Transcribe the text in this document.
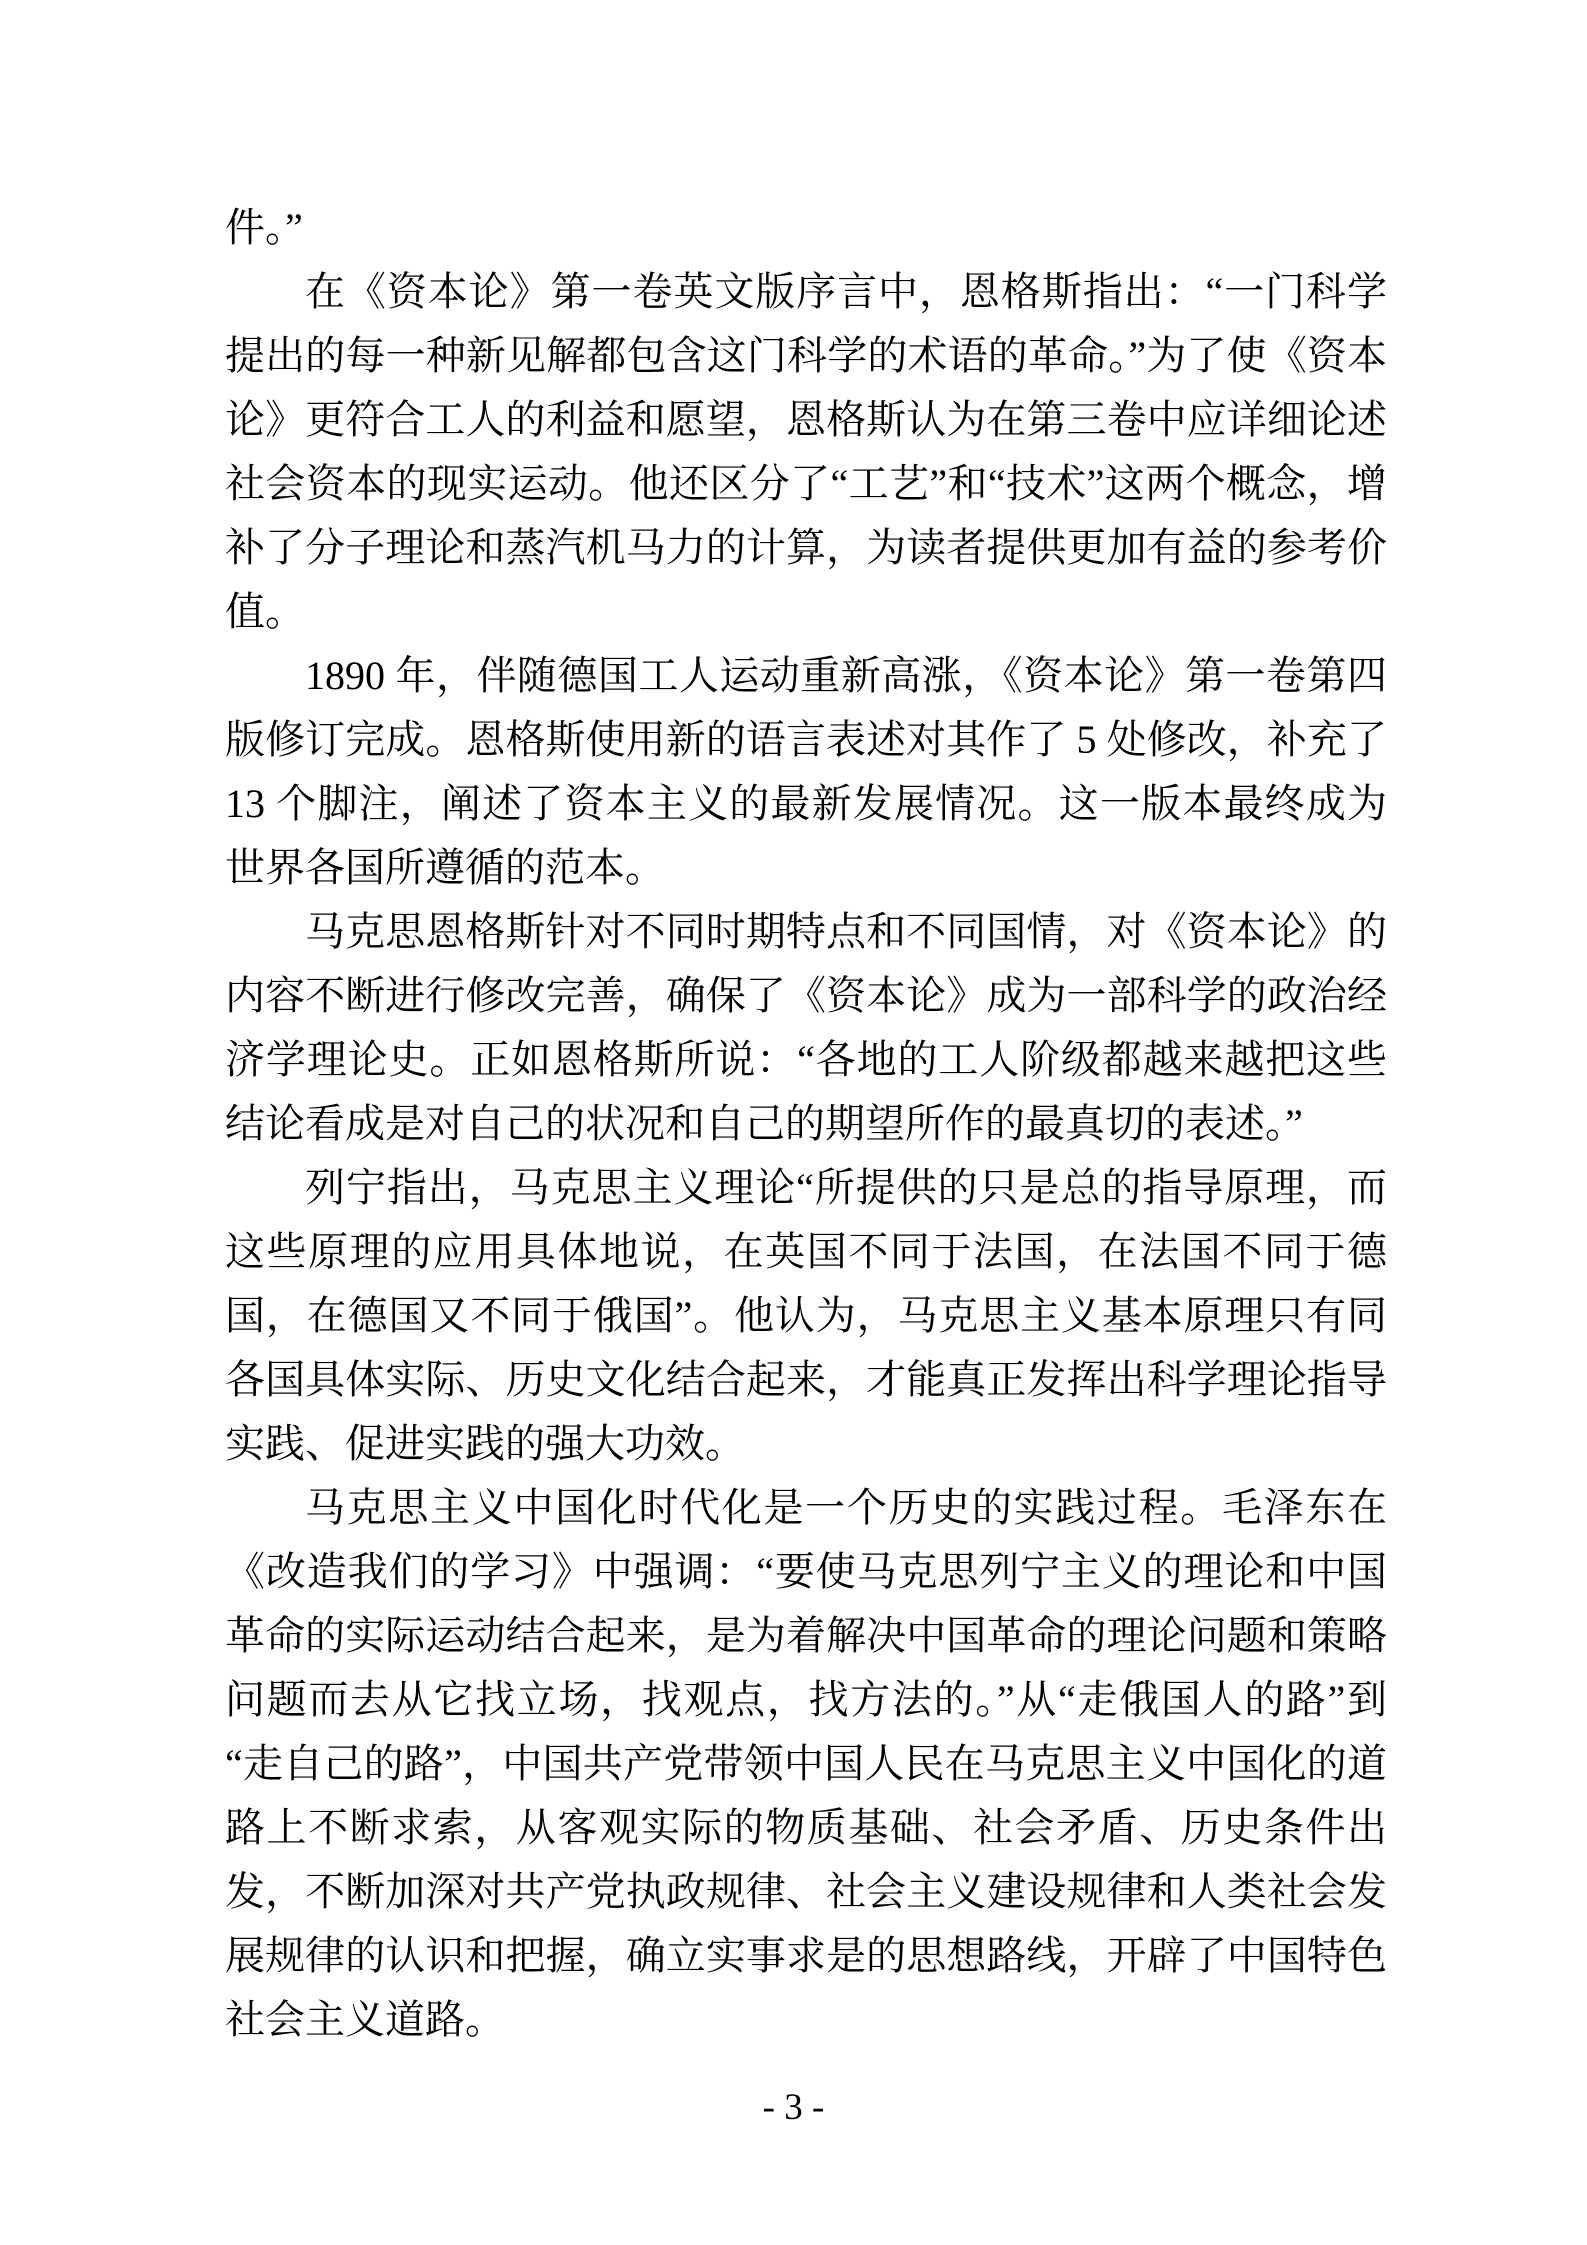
件。”

在《资本论》第一卷英文版序言中，恩格斯指出：“一门科学提出的每一种新见解都包含这门科学的术语的革命。”为了使《资本论》更符合工人的利益和愿望，恩格斯认为在第三卷中应详细论述社会资本的现实运动。他还区分了“工艺”和“技术”这两个概念，增补了分子理论和蒸汽机马力的计算，为读者提供更加有益的参考价值。

1890 年，伴随德国工人运动重新高涨，《资本论》第一卷第四版修订完成。恩格斯使用新的语言表述对其作了 5 处修改，补充了 13 个脚注，阐述了资本主义的最新发展情况。这一版本最终成为世界各国所遵循的范本。

马克思恩格斯针对不同时期特点和不同国情，对《资本论》的内容不断进行修改完善，确保了《资本论》成为一部科学的政治经济学理论史。正如恩格斯所说：“各地的工人阶级都越来越把这些结论看成是对自己的状况和自己的期望所作的最真切的表述。”

列宁指出，马克思主义理论“所提供的只是总的指导原理，而这些原理的应用具体地说，在英国不同于法国，在法国不同于德国，在德国又不同于俄国”。他认为，马克思主义基本原理只有同各国具体实际、历史文化结合起来，才能真正发挥出科学理论指导实践、促进实践的强大功效。

马克思主义中国化时代化是一个历史的实践过程。毛泽东在《改造我们的学习》中强调：“要使马克思列宁主义的理论和中国革命的实际运动结合起来，是为着解决中国革命的理论问题和策略问题而去从它找立场，找观点，找方法的。”从“走俄国人的路”到“走自己的路”，中国共产党带领中国人民在马克思主义中国化的道路上不断求索，从客观实际的物质基础、社会矛盾、历史条件出发，不断加深对共产党执政规律、社会主义建设规律和人类社会发展规律的认识和把握，确立实事求是的思想路线，开辟了中国特色社会主义道路。

- 3 -
